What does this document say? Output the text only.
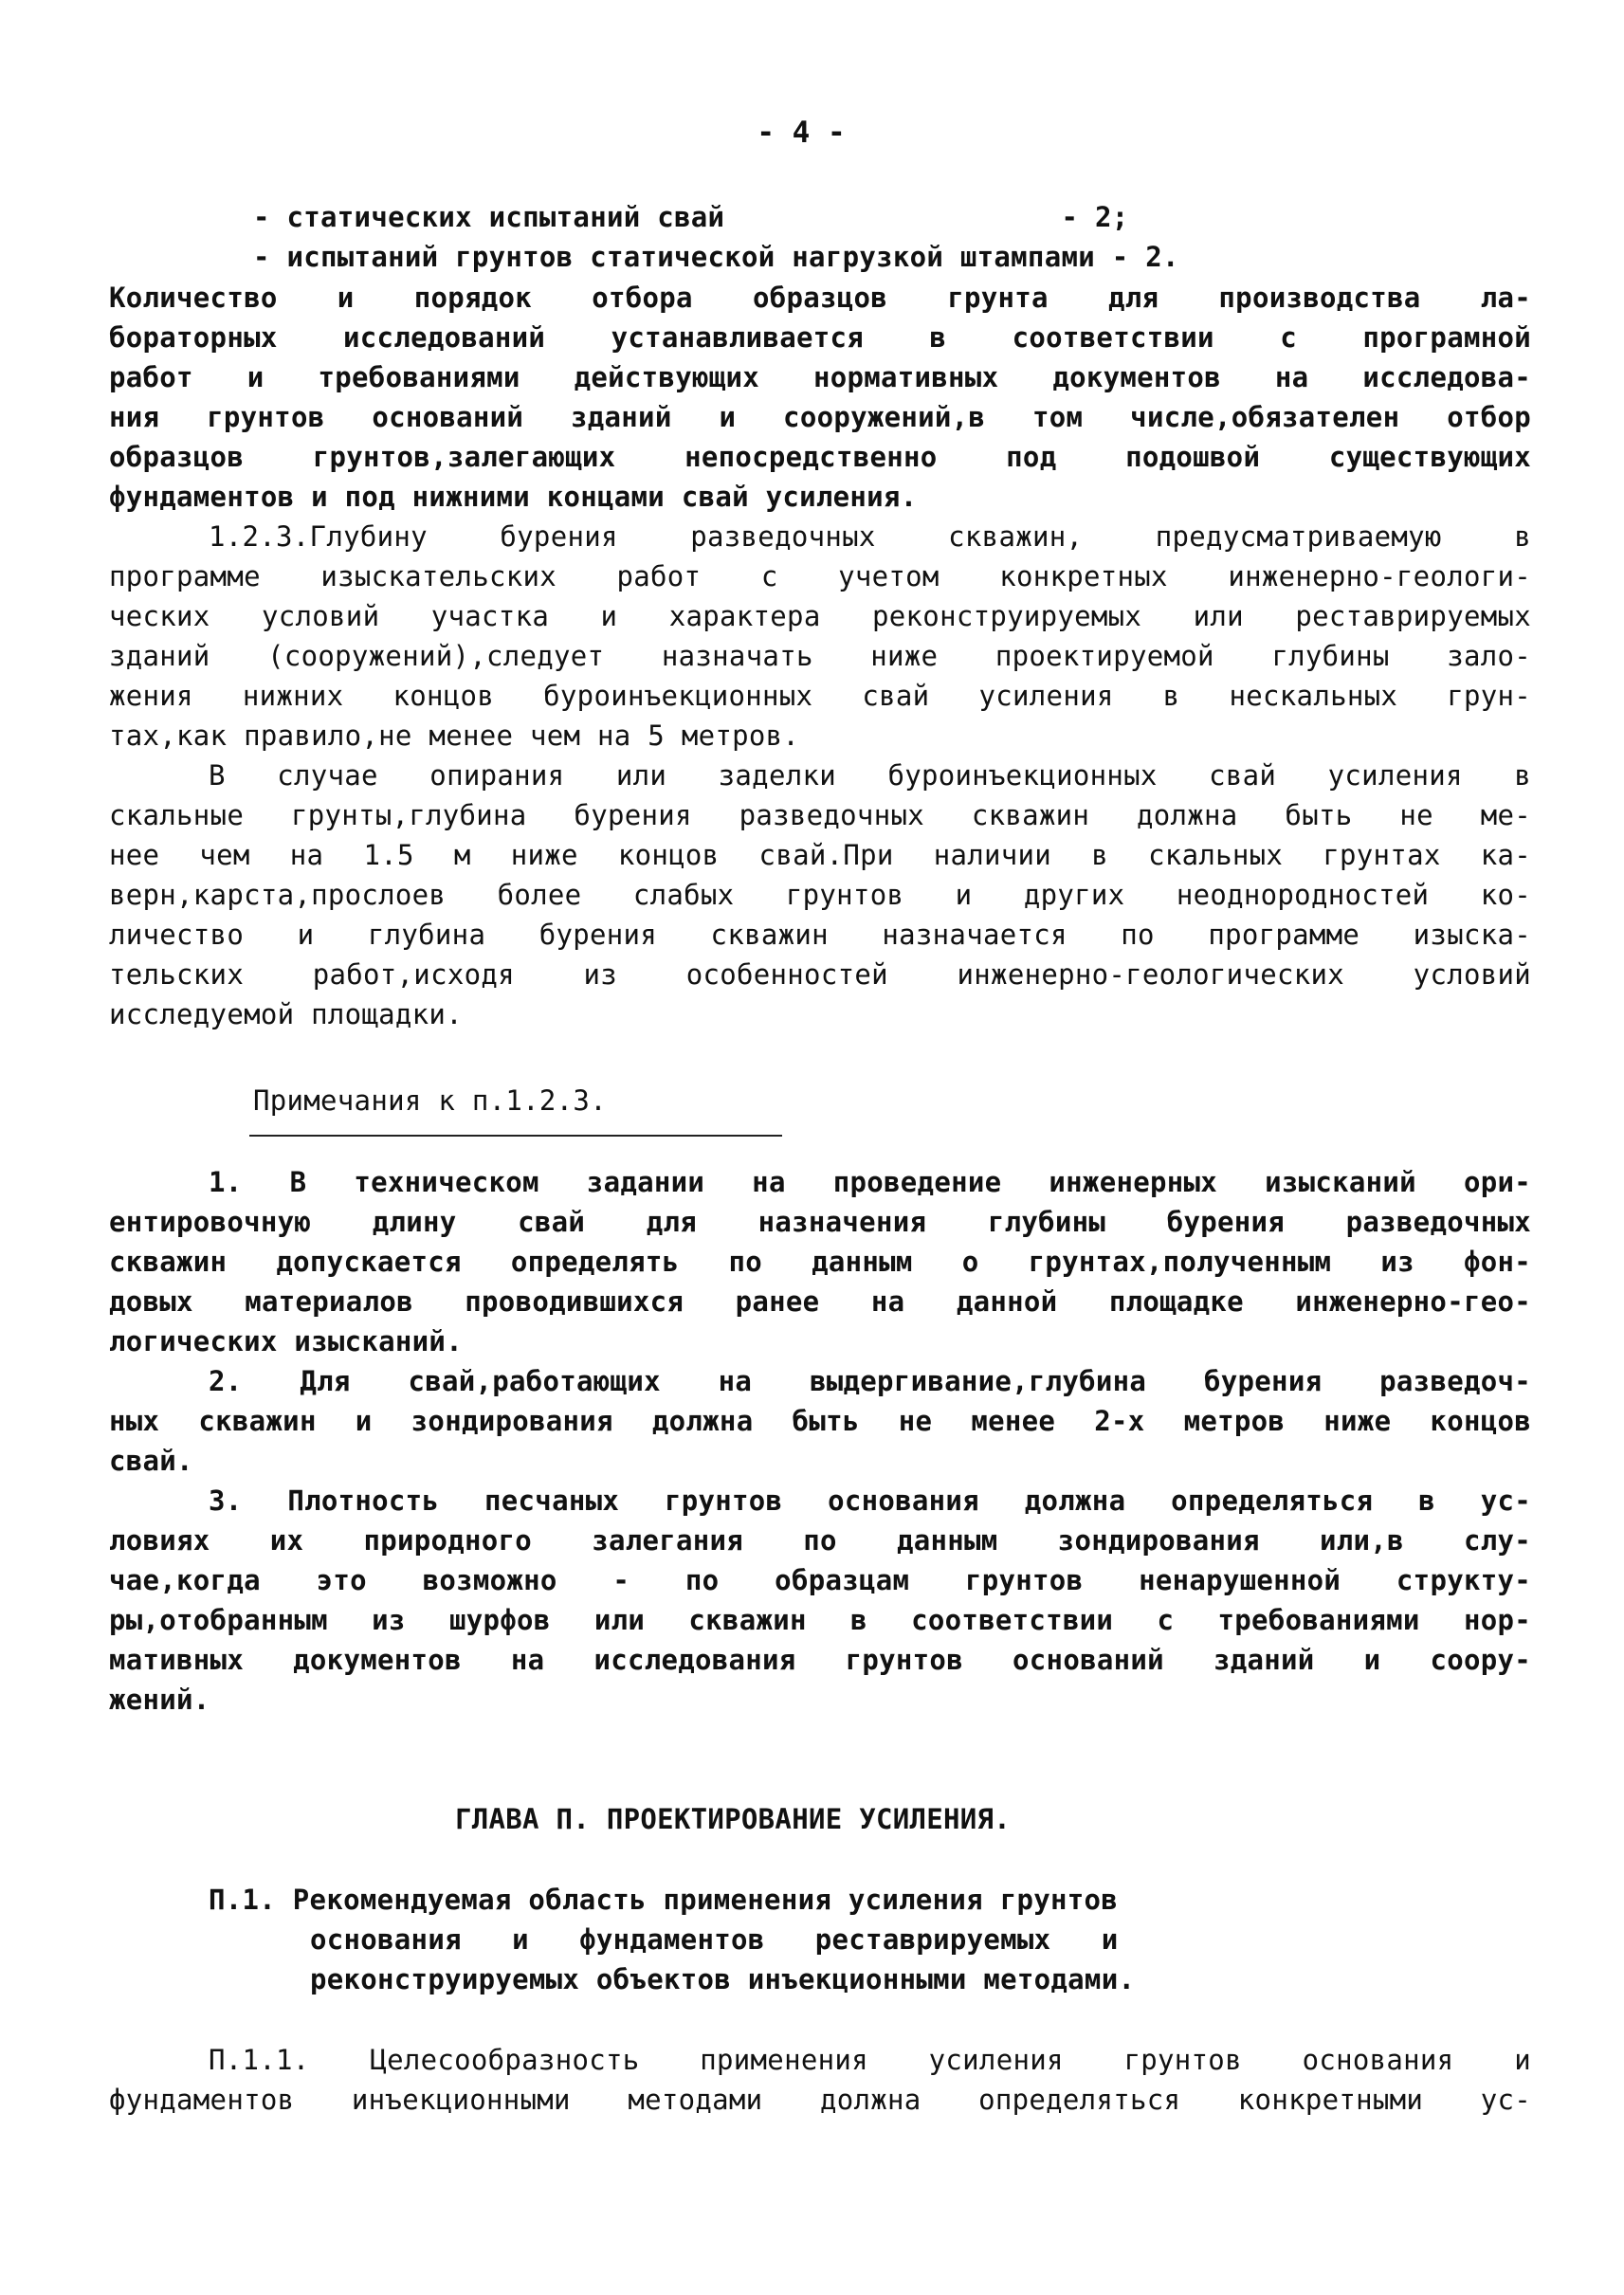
- 4 -
- статических испытаний свай                    - 2;
- испытаний грунтов статической нагрузкой штампами - 2.
Количество и порядок отбора образцов грунта для производства ла-
бораторных исследований устанавливается в соответствии с програмной
работ и требованиями действующих нормативных документов на исследова-
ния грунтов оснований зданий и сооружений,в том числе,обязателен отбор
образцов грунтов,залегающих непосредственно под подошвой существующих
фундаментов и под нижними концами свай усиления.
1.2.3.Глубину бурения разведочных скважин, предусматриваемую в
программе изыскательских работ с учетом конкретных инженерно-геологи-
ческих условий участка и характера реконструируемых или реставрируемых
зданий (сооружений),следует назначать ниже проектируемой глубины зало-
жения нижних концов буроинъекционных свай усиления в нескальных грун-
тах,как правило,не менее чем на 5 метров.
В случае опирания или заделки буроинъекционных свай усиления в
скальные грунты,глубина бурения разведочных скважин должна быть не ме-
нее чем на 1.5 м ниже концов свай.При наличии в скальных грунтах ка-
верн,карста,прослоев более слабых грунтов и других неоднородностей ко-
личество и глубина бурения скважин назначается по программе изыска-
тельских работ,исходя из особенностей инженерно-геологических условий
исследуемой площадки.
Примечания к п.1.2.3.
1. В техническом задании на проведение инженерных изысканий ори-
ентировочную длину свай для назначения глубины бурения разведочных
скважин допускается определять по данным о грунтах,полученным из фон-
довых материалов проводившихся ранее на данной площадке инженерно-гео-
логических изысканий.
2. Для свай,работающих на выдергивание,глубина бурения разведоч-
ных скважин и зондирования должна быть не менее 2-х метров ниже концов
свай.
3. Плотность песчаных грунтов основания должна определяться в ус-
ловиях их природного залегания по данным зондирования или,в слу-
чае,когда это возможно - по образцам грунтов ненарушенной структу-
ры,отобранным из шурфов или скважин в соответствии с требованиями нор-
мативных документов на исследования грунтов оснований зданий и соору-
жений.
ГЛАВА П. ПРОЕКТИРОВАНИЕ УСИЛЕНИЯ.
П.1. Рекомендуемая область применения усиления грунтов
основания   и   фундаментов   реставрируемых   и
реконструируемых объектов инъекционными методами.
П.1.1. Целесообразность применения усиления грунтов основания и
фундаментов инъекционными методами должна определяться конкретными ус-
